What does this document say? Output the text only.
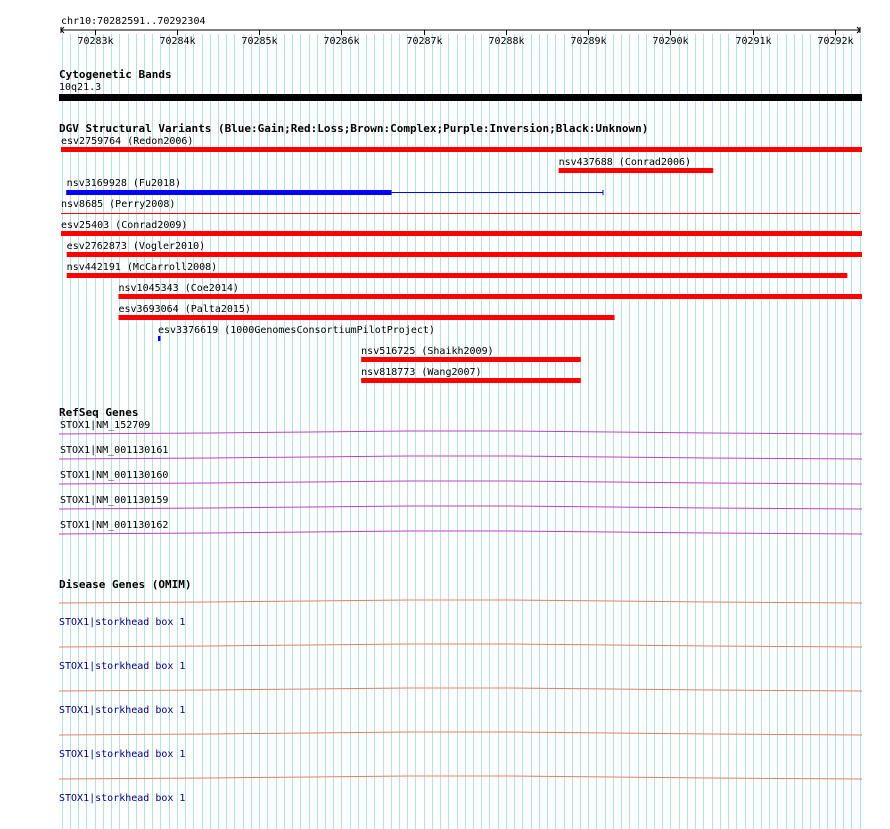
chr10:70282591..70292304
70283k	70284k	70285k	70286k	70287k	70288k	70289k	70290k	70291k	70292k
Cytogenetic Bands
10q21.3
DGV Structural Variants (Blue:Gain;Red:Loss;Brown:Complex;Purple:Inversion;Black:Unknown)
esv2759764 (Redon2006)
nsv437688 (Conrad2006)
nsv3169928 (Fu2018)
nsv8685 (Perry2008)
esv25403 (Conrad2009)
esv2762873 (Vogler2010)
nsv442191 (McCarroll2008)
nsv1045343 (Coe2014)
esv3693064 (Palta2015)
esv3376619 (1000GenomesConsortiumPilotProject)
nsv516725 (Shaikh2009)
nsv818773 (Wang2007)
RefSeq Genes
STOX1|NM_152709
STOX1|NM_001130161
STOX1|NM_001130160
STOX1|NM_001130159
STOX1|NM_001130162
Disease Genes (OMIM)
STOX1|storkhead box 1
STOX1|storkhead box 1
STOX1|storkhead box 1
STOX1|storkhead box 1
STOX1|storkhead box 1
